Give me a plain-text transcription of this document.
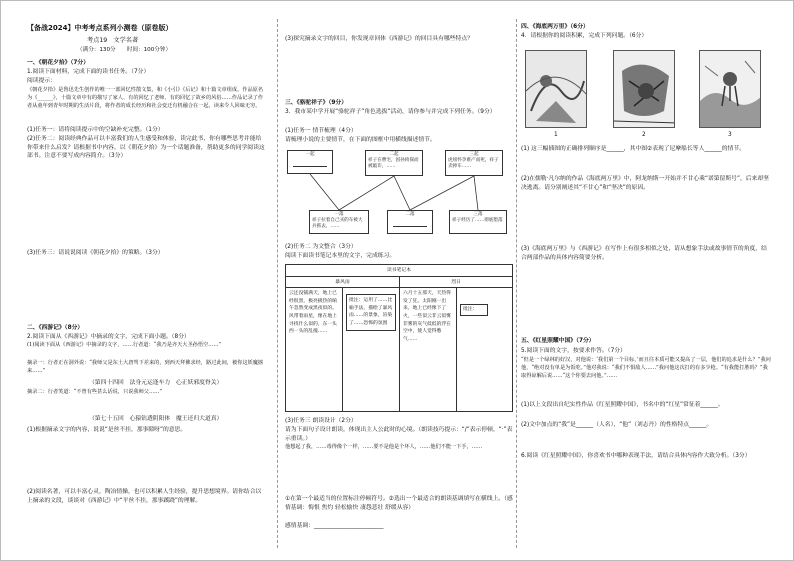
【备战2024】中考考点系列小测卷（原卷版）
考点19　文学名著
（满分：130分　　时间：100分钟）
一、《朝花夕拾》（7分）
1.阅读下面材料，完成下面的读书任务。（7分）
阅读提示：
《朝花夕拾》是鲁迅先生创作的唯一一部回忆性散文集，和《小引》《后记》和十篇文章组成。作品原名为《______》，十篇文章中有的描写了家人、有的回忆了老师、有的回忆了故乡的风俗……作品记录了作者从童年到青年时期的生活片段，将作者的成长经历和社会变迁有机融合在一起，读来令人回味无穷。
(1)任务一：请将阅读提示中的空缺补充完整。（1分）
(2)任务二：阅读经典作品可以丰富我们的人生感受和体验，读完此书，你有哪些思考并能给你带来什么启发？请根据书中内容，以《朝花夕拾》为一个话题准备，帮助更多的同学阅读这部书。注意不要写成内容简介。（3分）
(3)任务三：请说说阅读《朝花夕拾》的策略。（3分）
二、《西游记》（8分）
2.阅读下面从《西游记》中摘录的文字，完成下面小题。（8分）
(1)阅读下面从《西游记》中摘录的文字，……行者道：“我乃是齐天大圣孙悟空……”
摘录一：行者正在洞外说：“我师父是东土大唐驾下差来的，到西天拜佛求经，路过此间，被你这妖魔掳来……”
（第四十四回　法身元运逢车力　心正妖邪度脊关）
摘录二：行者笑道：“不曾有些甚么话说，只说我师父……”
（第七十五回　心猿钻透阴阳体　魔王还归大道真）
(1)根据摘录文字的内容，说说“是丝不挂，那事隙呀”的意思。
(2)阅读名著，可以丰富心灵，陶冶情操，也可以积累人生经验，提升思想境界。请你结合以上摘录的文段，谈谈对《西游记》中“平丝不挂，那事蹊跷”的理解。
(3)探究摘录文字的回目，你发现章回体《西游记》的回目具有哪些特点？
三、《骆驼祥子》（9分）
3．我市某中学开展“骆驼祥子”角色选拔”活动，请你参与并完成下列任务。（9分）
(1)任务一 情节梳理（4分）
请梳理小说的主要情节，在下面的图框中用横线描述情节。
一起	二起
祥子在曹宅，因孙侦探而被敲诈，……
三起
虎妞怀孕难产而死，祥子卖掉车……
一落
祥子拉着自己买的车被大兵抓去，……
二落	三落
祥子经历了……彻底堕落
(2)任务二 为文整合（3分）
阅读下面读书笔记本里的文字，完成练习。
读书笔记本
暴风雨	烈日
云还没铺满天，地上已经很黑，极亮极热的晌午忽然变成黑夜似的。风带着雨星，像在地上寻找什么似的，东一头西一头的乱撞……
批注：运用了……比喻手法，描绘了暴风雨……的景象，渲染了……恐怖的氛围
六月十五那天，天热得发了狂。太阳刚一出来，地上已经像下了火，一些似云非云似雾非雾的灰气低低的浮在空中，使人觉得憋气……
批注：
(3)任务三 朗读设计（2分）
请为下面句子设计朗读，体现出主人公此时的心境。（朗读技巧提示：“/”表示停顿，“·”表示重读。）
他想起了我，……毒得像个一样，……要不是他是个坏人，……他们不能一下手，……
①在第一个最适当的位置标注停顿符号。②选出一个最适合的朗读基调填写在横线上。（感情基调：悔恨 焦灼 轻松愉快 凄怨悲壮 舒缓从容）
感情基调：________________________
四、《海底两万里》（6分）
4．请根据你的阅读积累，完成下列问题。（6分）
1	2	3
(1) 这三幅插图的正确排列顺序是______，其中图②表现了尼摩船长等人______的情节。
(2)在儒勒·凡尔纳的作品《海底两万里》中，阿龙纳斯一开始并不甘心乘“诺第留斯号”，后来却坚决逃离。请分别阐述其“不甘心”和“坚决”的原因。
(3)《海底两万里》与《西游记》在写作上有很多相似之处，请从想象手法或故事情节的角度，结合两部作品的具体内容简要分析。
五、《红星照耀中国》（7分）
5.阅读下面的文字，按要求作答。（7分）
“但是一个绿林的好汉，对他说：‘我们第一个目标，’而且往本质可能又提高了一层，他们的追求是什么？”我问他，“绝对没有单是为饭吃。”他对我说：“我们不惧敌人……”我问他这次打的有多少枪。“有我能打胜吗？”我取得谅解后说……“这个你要去问他。”……
(1)以上文段出自纪实性作品《红星照耀中国》，书名中的“红星”常征着______。
(2)文中加点的“我”是______（人名），“他”（刘志丹）的性格特点______。
6.阅读《红星照耀中国》，你喜欢书中哪种表现手法，请结合具体内容作大致分析。（3分）
